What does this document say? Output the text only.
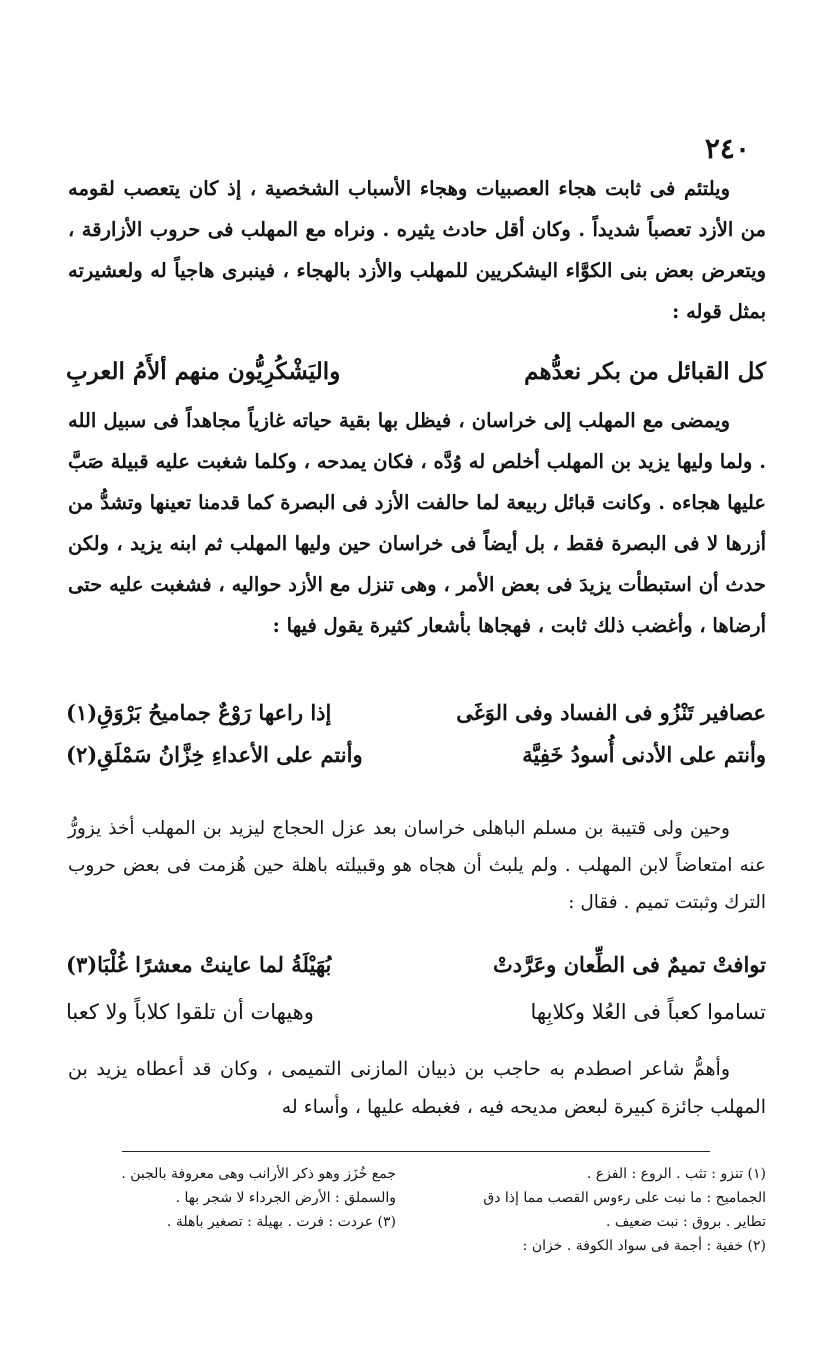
٢٤٠

ويلتئم فى ثابت هجاء العصبيات وهجاء الأسباب الشخصية ، إذ كان يتعصب لقومه من الأزد تعصباً شديداً . وكان أقل حادث يثيره . ونراه مع المهلب فى حروب الأزارقة ، ويتعرض بعض بنى الكوَّاء اليشكريين للمهلب والأزد بالهجاء ، فينبرى هاجياً له ولعشيرته بمثل قوله :

كل القبائل من بكر نعدُّهم
واليَشْكُرِيُّون منهم ألأَمُ العربِ

ويمضى مع المهلب إلى خراسان ، فيظل بها بقية حياته غازياً مجاهداً فى سبيل الله . ولما وليها يزيد بن المهلب أخلص له وُدَّه ، فكان يمدحه ، وكلما شغبت عليه قبيلة صَبَّ عليها هجاءه . وكانت قبائل ربيعة لما حالفت الأزد فى البصرة كما قدمنا تعينها وتشدُّ من أزرها لا فى البصرة فقط ، بل أيضاً فى خراسان حين وليها المهلب ثم ابنه يزيد ، ولكن حدث أن استبطأت يزيدَ فى بعض الأمر ، وهى تنزل مع الأزد حواليه ، فشغبت عليه حتى أرضاها ، وأغضب ذلك ثابت ، فهجاها بأشعار كثيرة يقول فيها :

عصافير تَنْزُو فى الفساد وفى الوَغَى
إذا راعها رَوْعٌ جماميحُ بَرْوَقِ(١)
وأنتم على الأدنى أُسودُ خَفِيَّة
وأنتم على الأعداءِ خِزَّانُ سَمْلَقِ(٢)

وحين ولى قتيبة بن مسلم الباهلى خراسان بعد عزل الحجاج ليزيد بن المهلب أخذ يزورُّ عنه امتعاضاً لابن المهلب . ولم يلبث أن هجاه هو وقبيلته باهلة حين هُزمت فى بعض حروب الترك وثبتت تميم . فقال :

توافتْ تميمٌ فى الطِّعان وعَرَّدتْ
بُهَيْلَةُ لما عاينتْ معشرًا غُلْبَا(٣)
تساموا كعباً فى العُلا وكلابِها
وهيهات أن تلقوا كلاباً ولا كعبا

وأهمُّ شاعر اصطدم به حاجب بن ذبيان المازنى التميمى ، وكان قد أعطاه يزيد بن المهلب جائزة كبيرة لبعض مديحه فيه ، فغبطه عليها ، وأساء له

(١) تنزو : تثب . الروع : الفزع .
الجماميح : ما نبت على رءوس القصب مما إذا دق
تطاير . بروق : نبت ضعيف .
(٢) خفية : أجمة فى سواد الكوفة . خزان :
جمع خُزَز وهو ذكر الأرانب وهى معروفة بالجبن .
والسملق : الأرض الجرداء لا شجر بها .
(٣) عردت : فرت . بهيلة : تصغير باهلة .
